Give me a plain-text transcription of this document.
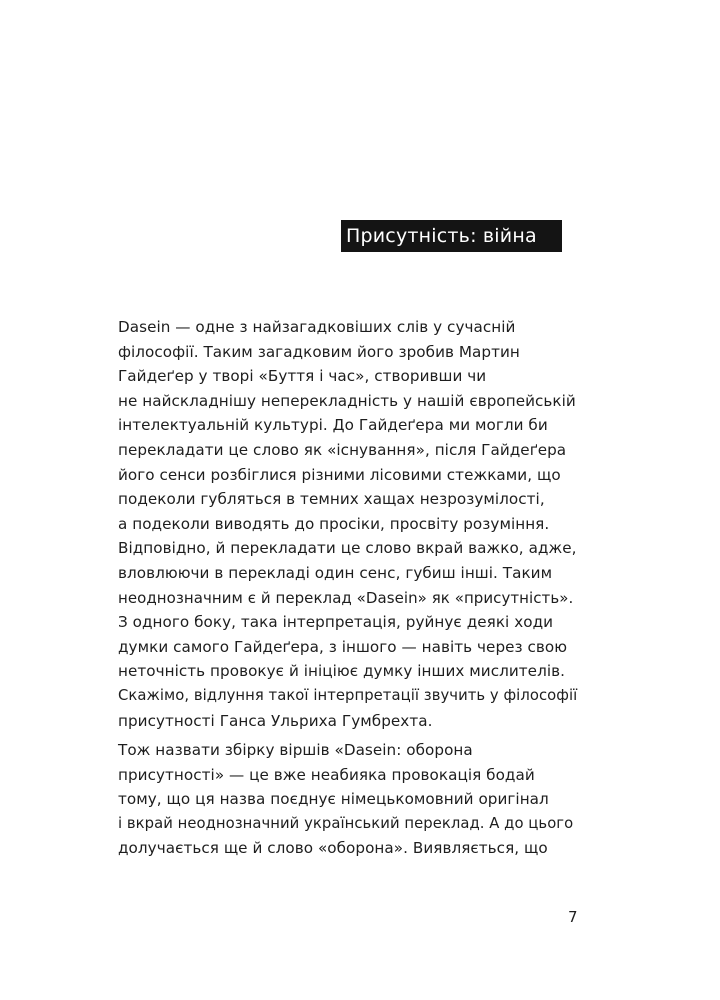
Присутність: війна
Dasein — одне з найзагадковіших слів у сучасній
філософії. Таким загадковим його зробив Мартин
Гайдеґер у творі «Буття і час», створивши чи
не найскладнішу неперекладність у нашій європейській
інтелектуальній культурі. До Гайдеґера ми могли би
перекладати це слово як «існування», після Гайдеґера
його сенси розбіглися різними лісовими стежками, що
подеколи губляться в темних хащах незрозумілості,
а подеколи виводять до просіки, просвіту розуміння.
Відповідно, й перекладати це слово вкрай важко, адже,
вловлюючи в перекладі один сенс, губиш інші. Таким
неоднозначним є й переклад «Dasein» як «присутність».
З одного боку, така інтерпретація, руйнує деякі ходи
думки самого Гайдеґера, з іншого — навіть через свою
неточність провокує й ініціює думку інших мислителів.
Скажімо, відлуння такої інтерпретації звучить у філософії
присутності Ганса Ульриха Гумбрехта.
Тож назвати збірку віршів «Dasein: оборона
присутності» — це вже неабияка провокація бодай
тому, що ця назва поєднує німецькомовний оригінал
і вкрай неоднозначний український переклад. А до цього
долучається ще й слово «оборона». Виявляється, що
7
